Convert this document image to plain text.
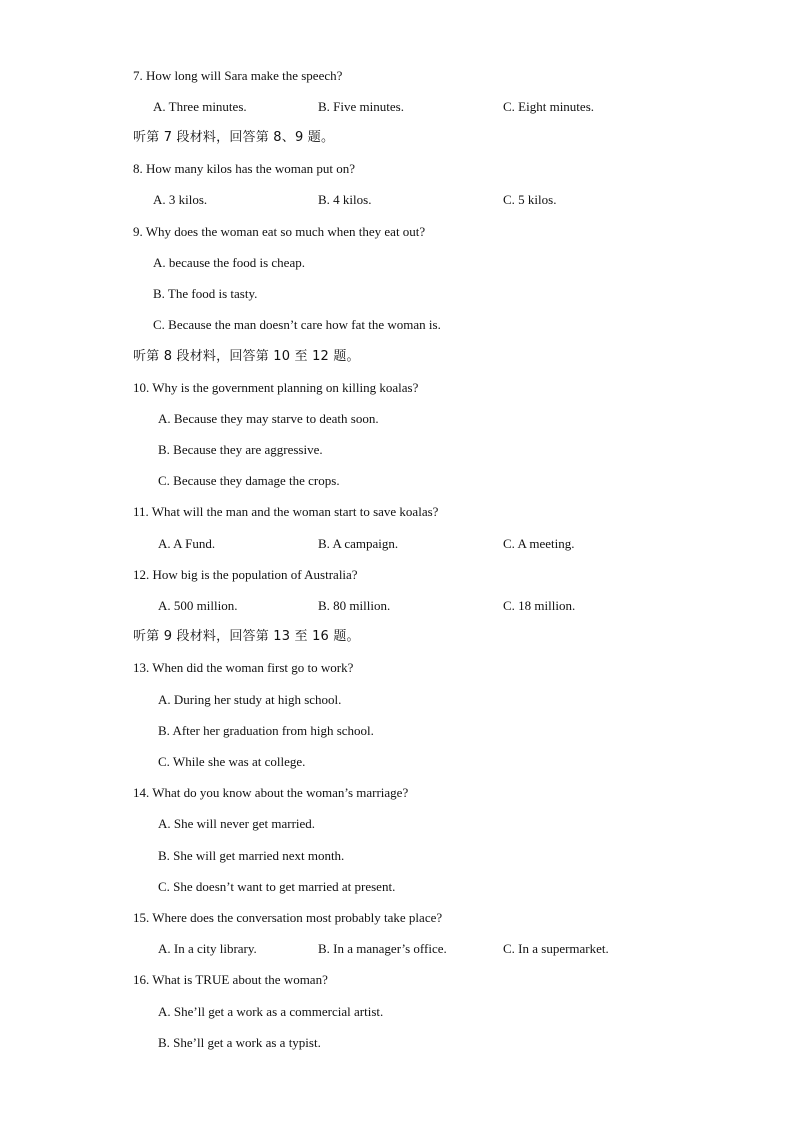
7. How long will Sara make the speech?
A. Three minutes.	B. Five minutes.	C. Eight minutes.
听第 7 段材料，回答第 8、9 题。
8. How many kilos has the woman put on?
A. 3 kilos.	B. 4 kilos.	C. 5 kilos.
9. Why does the woman eat so much when they eat out?
A. because the food is cheap.
B. The food is tasty.
C. Because the man doesn’t care how fat the woman is.
听第 8 段材料，回答第 10 至 12 题。
10. Why is the government planning on killing koalas?
A. Because they may starve to death soon.
B. Because they are aggressive.
C. Because they damage the crops.
11. What will the man and the woman start to save koalas?
A. A Fund.	B. A campaign.	C. A meeting.
12. How big is the population of Australia?
A. 500 million.	B. 80 million.	C. 18 million.
听第 9 段材料，回答第 13 至 16 题。
13. When did the woman first go to work?
A. During her study at high school.
B. After her graduation from high school.
C. While she was at college.
14. What do you know about the woman’s marriage?
A. She will never get married.
B. She will get married next month.
C. She doesn’t want to get married at present.
15. Where does the conversation most probably take place?
A. In a city library.	B. In a manager’s office.	C. In a supermarket.
16. What is TRUE about the woman?
A. She’ll get a work as a commercial artist.
B. She’ll get a work as a typist.
